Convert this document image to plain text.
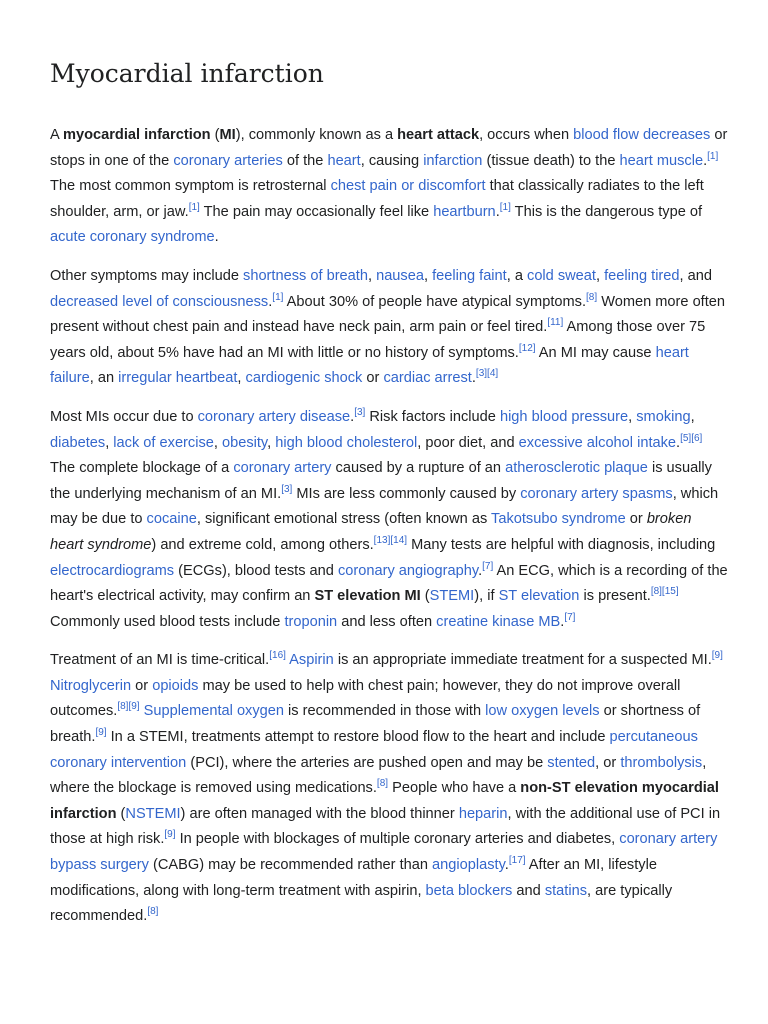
Myocardial infarction

A myocardial infarction (MI), commonly known as a heart attack, occurs when blood flow decreases or stops in one of the coronary arteries of the heart, causing infarction (tissue death) to the heart muscle.[1] The most common symptom is retrosternal chest pain or discomfort that classically radiates to the left shoulder, arm, or jaw.[1] The pain may occasionally feel like heartburn.[1] This is the dangerous type of acute coronary syndrome.

Other symptoms may include shortness of breath, nausea, feeling faint, a cold sweat, feeling tired, and decreased level of consciousness.[1] About 30% of people have atypical symptoms.[8] Women more often present without chest pain and instead have neck pain, arm pain or feel tired.[11] Among those over 75 years old, about 5% have had an MI with little or no history of symptoms.[12] An MI may cause heart failure, an irregular heartbeat, cardiogenic shock or cardiac arrest.[3][4]

Most MIs occur due to coronary artery disease.[3] Risk factors include high blood pressure, smoking, diabetes, lack of exercise, obesity, high blood cholesterol, poor diet, and excessive alcohol intake.[5][6] The complete blockage of a coronary artery caused by a rupture of an atherosclerotic plaque is usually the underlying mechanism of an MI.[3] MIs are less commonly caused by coronary artery spasms, which may be due to cocaine, significant emotional stress (often known as Takotsubo syndrome or broken heart syndrome) and extreme cold, among others.[13][14] Many tests are helpful with diagnosis, including electrocardiograms (ECGs), blood tests and coronary angiography.[7] An ECG, which is a recording of the heart's electrical activity, may confirm an ST elevation MI (STEMI), if ST elevation is present.[8][15] Commonly used blood tests include troponin and less often creatine kinase MB.[7]

Treatment of an MI is time-critical.[16] Aspirin is an appropriate immediate treatment for a suspected MI.[9] Nitroglycerin or opioids may be used to help with chest pain; however, they do not improve overall outcomes.[8][9] Supplemental oxygen is recommended in those with low oxygen levels or shortness of breath.[9] In a STEMI, treatments attempt to restore blood flow to the heart and include percutaneous coronary intervention (PCI), where the arteries are pushed open and may be stented, or thrombolysis, where the blockage is removed using medications.[8] People who have a non-ST elevation myocardial infarction (NSTEMI) are often managed with the blood thinner heparin, with the additional use of PCI in those at high risk.[9] In people with blockages of multiple coronary arteries and diabetes, coronary artery bypass surgery (CABG) may be recommended rather than angioplasty.[17] After an MI, lifestyle modifications, along with long-term treatment with aspirin, beta blockers and statins, are typically recommended.[8]
